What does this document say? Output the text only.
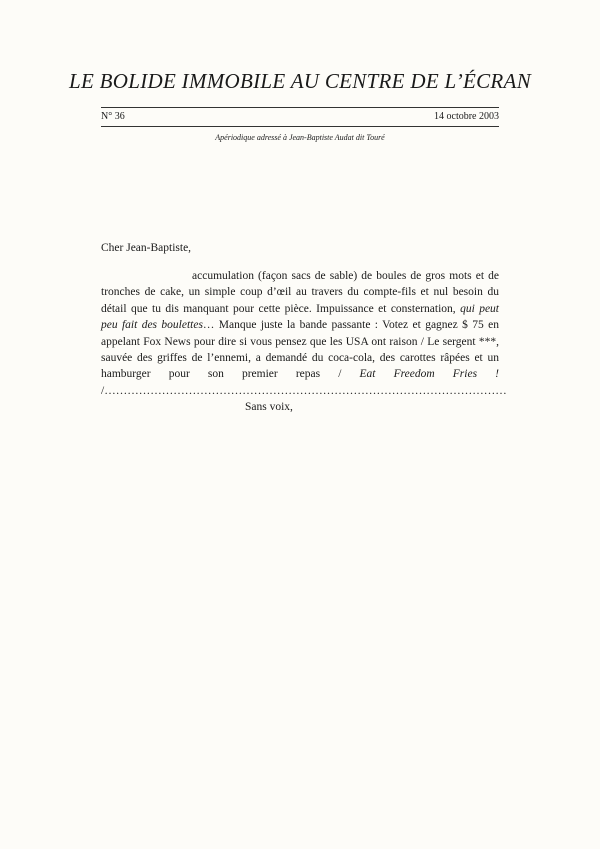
LE BOLIDE IMMOBILE AU CENTRE DE L’ÉCRAN
N° 36	14 octobre 2003
Apériodique adressé à Jean-Baptiste Audat dit Touré

Cher Jean-Baptiste,

accumulation (façon sacs de sable) de boules de gros mots et de tronches de cake, un simple coup d’œil au travers du compte-fils et nul besoin du détail que tu dis manquant pour cette pièce. Impuissance et consternation, qui peut peu fait des boulettes… Manque juste la bande passante : Votez et gagnez $ 75 en appelant Fox News pour dire si vous pensez que les USA ont raison / Le sergent ***, sauvée des griffes de l’ennemi, a demandé du coca-cola, des carottes râpées et un hamburger pour son premier repas / Eat Freedom Fries ! /……………………………………………………………………………………………

Sans voix,
